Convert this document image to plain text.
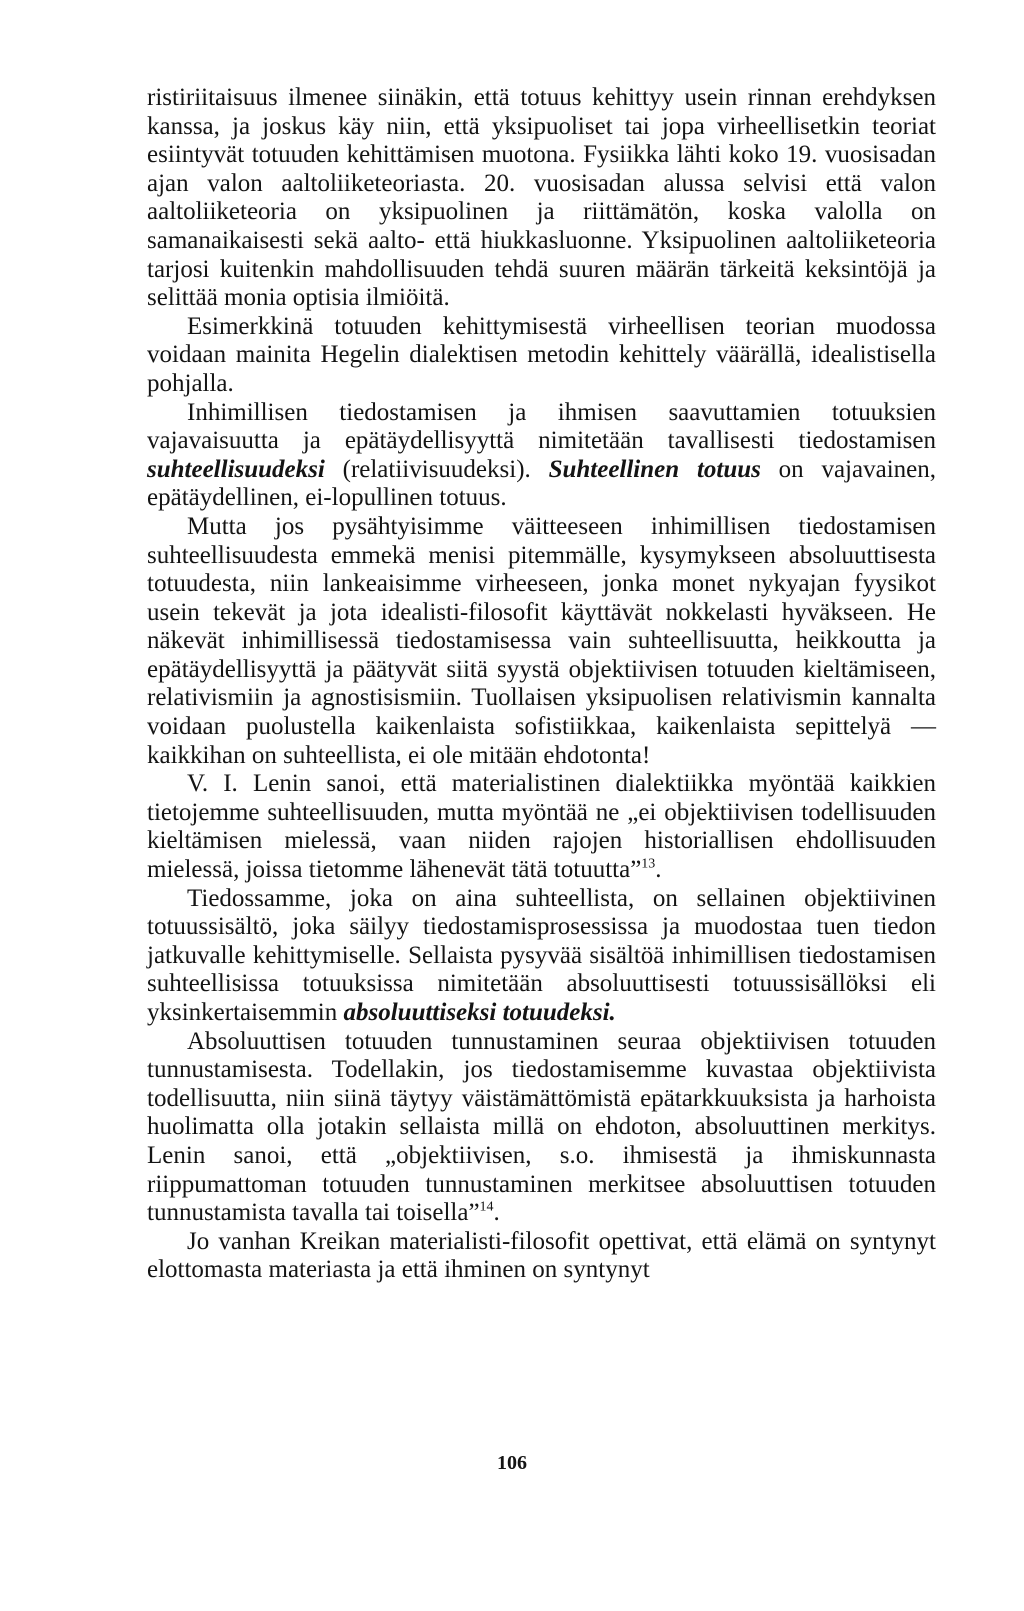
ristiriitaisuus ilmenee siinäkin, että totuus kehittyy usein rinnan erehdyksen kanssa, ja joskus käy niin, että yksipuoliset tai jopa virheellisetkin teoriat esiintyvät totuuden kehittämisen muotona. Fysiikka lähti koko 19. vuosisadan ajan valon aaltoliiketeoriasta. 20. vuosisadan alussa selvisi että valon aaltoliiketeoria on yksipuolinen ja riittämätön, koska valolla on samanaikaisesti sekä aalto- että hiukkasluonne. Yksipuolinen aaltoliiketeoria tarjosi kuitenkin mahdollisuuden tehdä suuren määrän tärkeitä keksintöjä ja selittää monia optisia ilmiöitä.

Esimerkkinä totuuden kehittymisestä virheellisen teorian muodossa voidaan mainita Hegelin dialektisen metodin kehittely väärällä, idealistisella pohjalla.

Inhimillisen tiedostamisen ja ihmisen saavuttamien totuuksien vajavaisuutta ja epätäydellisyyttä nimitetään tavallisesti tiedostamisen suhteellisuudeksi (relatiivisuudeksi). Suhteellinen totuus on vajavainen, epätäydellinen, ei-lopullinen totuus.

Mutta jos pysähtyisimme väitteeseen inhimillisen tiedostamisen suhteellisuudesta emmekä menisi pitemmälle, kysymykseen absoluuttisesta totuudesta, niin lankeaisimme virheeseen, jonka monet nykyajan fyysikot usein tekevät ja jota idealisti-filosofit käyttävät nokkelasti hyväkseen. He näkevät inhimillisessä tiedostamisessa vain suhteellisuutta, heikkoutta ja epätäydellisyyttä ja päätyvät siitä syystä objektiivisen totuuden kieltämiseen, relativismiin ja agnostisismiin. Tuollaisen yksipuolisen relativismin kannalta voidaan puolustella kaikenlaista sofistiikkaa, kaikenlaista sepittelyä —kaikkihan on suhteellista, ei ole mitään ehdotonta!

V. I. Lenin sanoi, että materialistinen dialektiikka myöntää kaikkien tietojemme suhteellisuuden, mutta myöntää ne „ei objektiivisen todellisuuden kieltämisen mielessä, vaan niiden rajojen historiallisen ehdollisuuden mielessä, joissa tietomme lähenevät tätä totuutta”$^{13}$.

Tiedossamme, joka on aina suhteellista, on sellainen objektiivinen totuussisältö, joka säilyy tiedostamisprosessissa ja muodostaa tuen tiedon jatkuvalle kehittymiselle. Sellaista pysyvää sisältöä inhimillisen tiedostamisen suhteellisissa totuuksissa nimitetään absoluuttisesti totuussisällöksi eli yksinkertaisemmin absoluuttiseksi totuudeksi.

Absoluuttisen totuuden tunnustaminen seuraa objektiivisen totuuden tunnustamisesta. Todellakin, jos tiedostamisemme kuvastaa objektiivista todellisuutta, niin siinä täytyy väistämättömistä epätarkkuuksista ja harhoista huolimatta olla jotakin sellaista millä on ehdoton, absoluuttinen merkitys. Lenin sanoi, että „objektiivisen, s.o. ihmisestä ja ihmiskunnasta riippumattoman totuuden tunnustaminen merkitsee absoluuttisen totuuden tunnustamista tavalla tai toisella”$^{14}$.

Jo vanhan Kreikan materialisti-filosofit opettivat, että elämä on syntynyt elottomasta materiasta ja että ihminen on syntynyt

106
